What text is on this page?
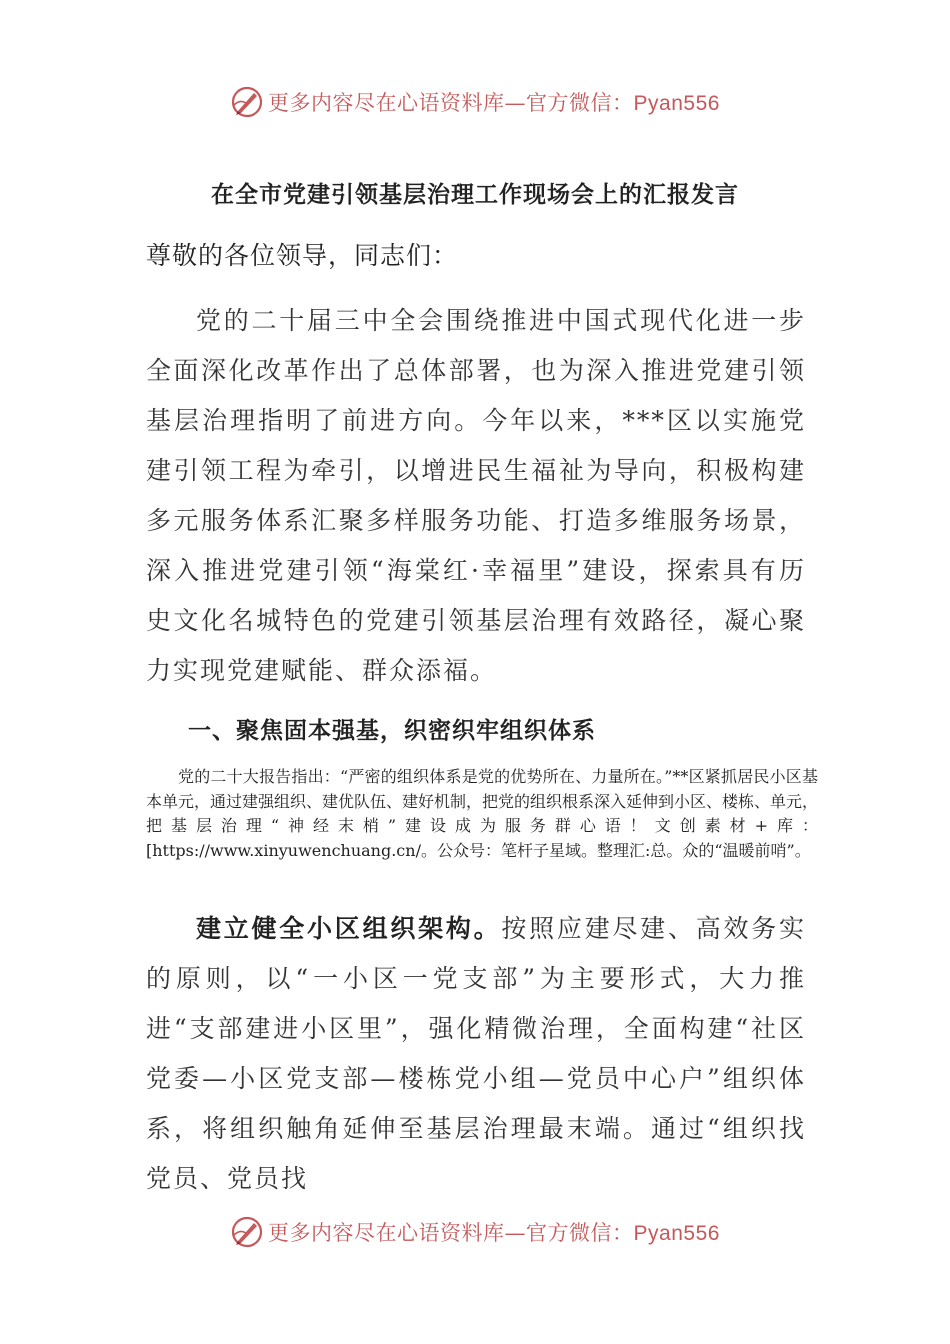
更多内容尽在心语资料库—官方微信：Pyan556
在全市党建引领基层治理工作现场会上的汇报发言

尊敬的各位领导，同志们：

党的二十届三中全会围绕推进中国式现代化进一步全面深化改革作出了总体部署，也为深入推进党建引领基层治理指明了前进方向。今年以来，***区以实施党建引领工程为牵引，以增进民生福祉为导向，积极构建多元服务体系汇聚多样服务功能、打造多维服务场景，深入推进党建引领“海棠红·幸福里”建设，探索具有历史文化名城特色的党建引领基层治理有效路径，凝心聚力实现党建赋能、群众添福。

一、聚焦固本强基，织密织牢组织体系

党的二十大报告指出：“严密的组织体系是党的优势所在、力量所在。”**区紧抓居民小区基本单元，通过建强组织、建优队伍、建好机制，把党的组织根系深入延伸到小区、楼栋、单元，把基层治理“神经末梢”建设成为服务群心语！文创素材+库：[https://www.xinyuwenchuang.cn/。公众号：笔杆子星域。整理汇:总。众的“温暖前哨”。

建立健全小区组织架构。按照应建尽建、高效务实的原则，以“一小区一党支部”为主要形式，大力推进“支部建进小区里”，强化精微治理，全面构建“社区党委—小区党支部—楼栋党小组—党员中心户”组织体系，将组织触角延伸至基层治理最末端。通过“组织找党员、党员找

更多内容尽在心语资料库—官方微信：Pyan556
